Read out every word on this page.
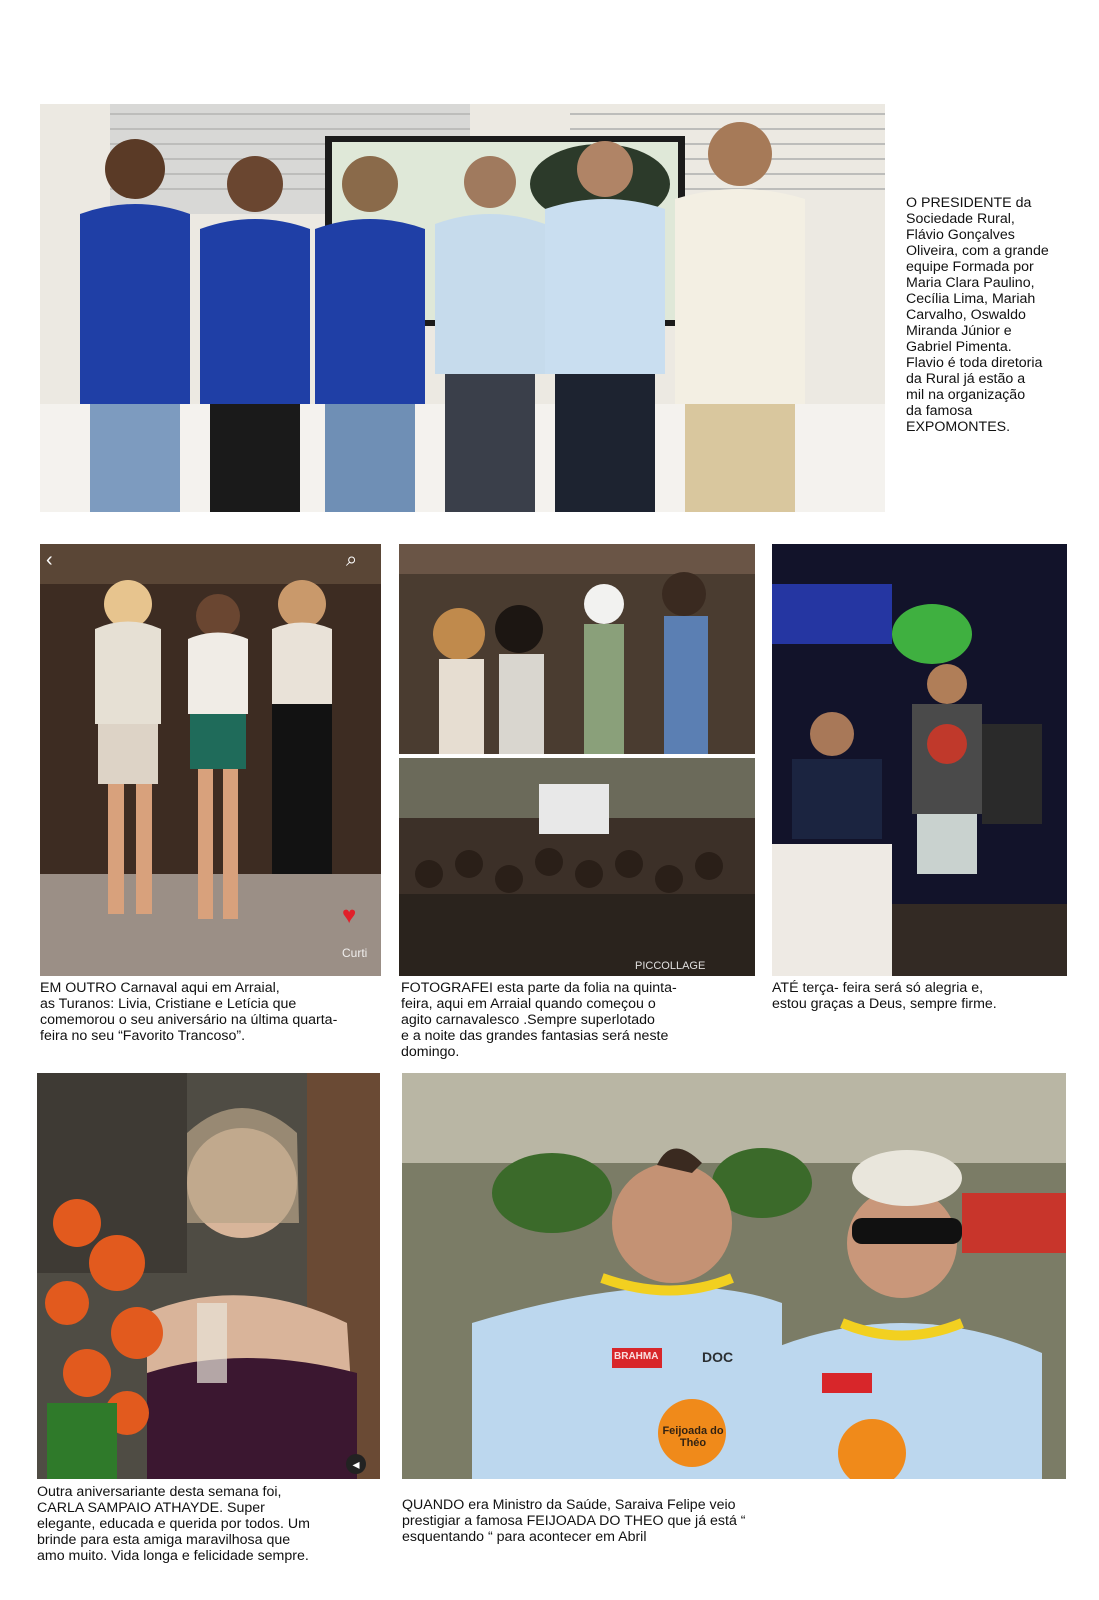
O PRESIDENTE da
Sociedade Rural,
Flávio Gonçalves
Oliveira, com a grande
equipe Formada por
Maria Clara Paulino,
Cecília Lima, Mariah
Carvalho, Oswaldo
Miranda Júnior e
Gabriel Pimenta.
Flavio é toda diretoria
da Rural já estão a
mil na organização
da famosa
EXPOMONTES.
‹	⌕
♥
Curti
EM OUTRO Carnaval aqui em Arraial,
as Turanos: Livia, Cristiane e Letícia que
comemorou o seu aniversário na última quarta-
feira no seu “Favorito Trancoso”.
PICCOLLAGE
FOTOGRAFEI esta parte da folia na quinta-
feira, aqui em Arraial quando começou o
agito carnavalesco .Sempre superlotado
e a noite das grandes fantasias será neste
domingo.
ATÉ terça- feira será só alegria e,
estou graças a Deus, sempre firme.
◂
Outra aniversariante desta semana foi,
CARLA SAMPAIO ATHAYDE. Super
elegante, educada e querida por todos. Um
brinde para esta amiga maravilhosa que
amo muito. Vida longa e felicidade sempre.
BRAHMA	DOC
Feijoada do Théo
QUANDO era Ministro da Saúde, Saraiva Felipe veio
prestigiar a famosa FEIJOADA DO THEO que já está “
esquentando “ para acontecer em Abril
